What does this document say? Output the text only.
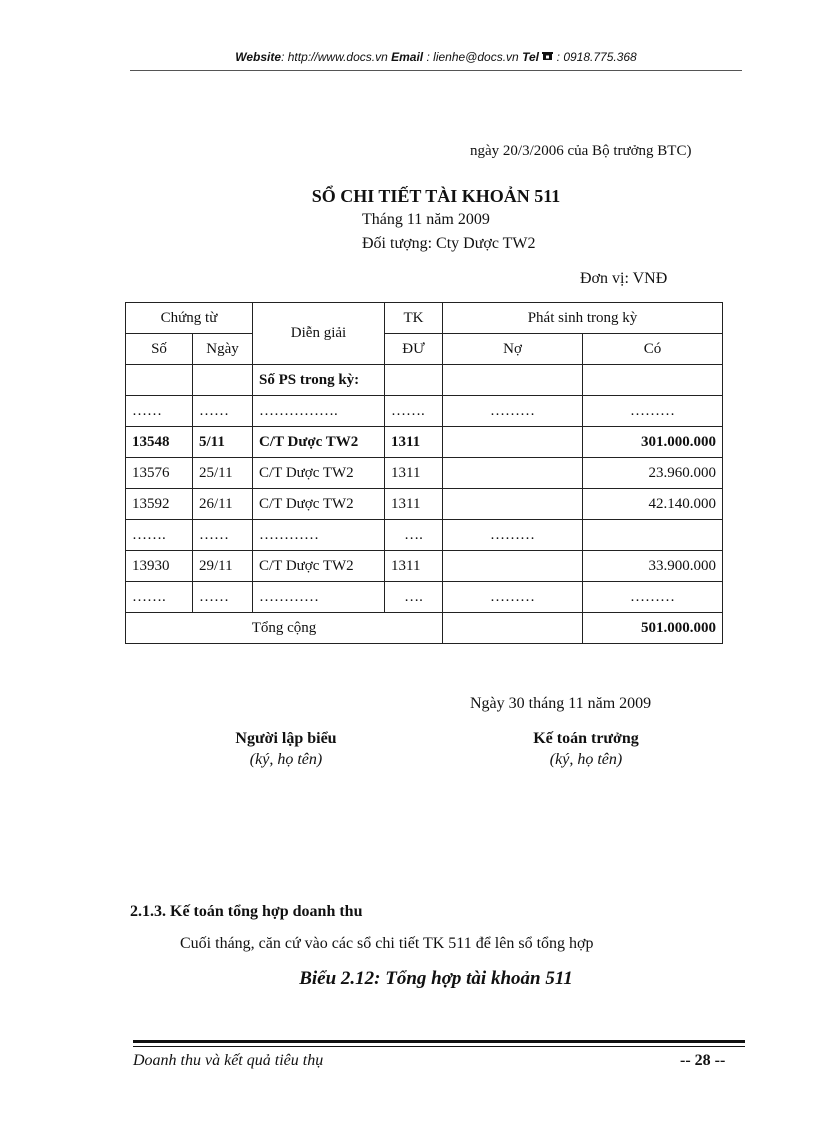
Website: http://www.docs.vn Email : lienhe@docs.vn Tel : 0918.775.368
ngày 20/3/2006 của Bộ trưởng BTC)
SỔ CHI TIẾT TÀI KHOẢN 511
Tháng 11 năm 2009
Đối tượng: Cty Dược TW2
Đơn vị: VNĐ
Chứng từ		Diễn giải	TK	Phát sinh trong kỳ	
Số	Ngày		ĐƯ	Nợ	Có
		Số PS trong kỳ:			
……	……	…………….	…….	………	………
13548	5/11	C/T Dược TW2	1311		301.000.000
13576	25/11	C/T Dược TW2	1311		23.960.000
13592	26/11	C/T Dược TW2	1311		42.140.000
…….	……	…………	….	………	
13930	29/11	C/T Dược TW2	1311		33.900.000
…….	……	…………	….	………	………
Tổng cộng					501.000.000
Ngày 30 tháng 11 năm 2009
Người lập biểu
(ký, họ tên)
Kế toán trưởng
(ký, họ tên)
2.1.3. Kế toán tổng hợp doanh thu
Cuối tháng, căn cứ vào các sổ chi tiết TK 511 để lên sổ tổng hợp
Biểu 2.12: Tổng hợp tài khoản 511
Doanh thu và kết quả tiêu thụ	-- 28 --
